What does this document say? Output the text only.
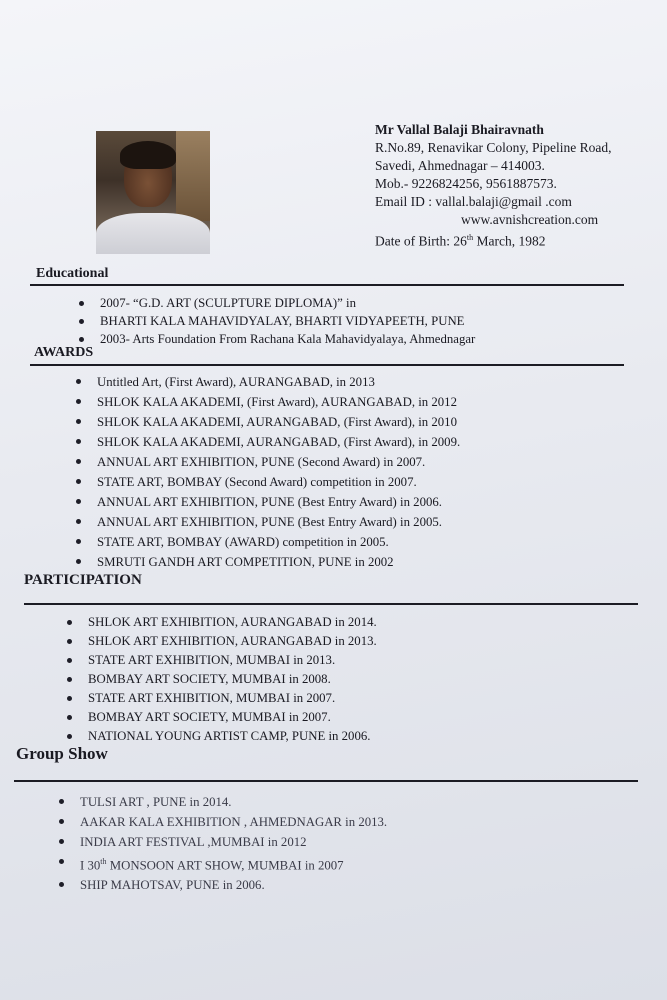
Mr Vallal Balaji Bhairavnath
R.No.89, Renavikar Colony, Pipeline Road,
Savedi, Ahmednagar – 414003.
Mob.- 9226824256, 9561887573.
Email ID : vallal.balaji@gmail .com
www.avnishcreation.com
Date of Birth: 26th March, 1982
Educational
2007- “G.D. ART (SCULPTURE DIPLOMA)” in
BHARTI KALA MAHAVIDYALAY, BHARTI VIDYAPEETH, PUNE
2003- Arts Foundation From Rachana Kala Mahavidyalaya, Ahmednagar
AWARDS
Untitled Art, (First Award), AURANGABAD, in 2013
SHLOK KALA AKADEMI, (First Award), AURANGABAD, in 2012
SHLOK KALA AKADEMI, AURANGABAD, (First Award), in 2010
SHLOK KALA AKADEMI, AURANGABAD, (First Award), in 2009.
ANNUAL ART EXHIBITION, PUNE (Second Award) in 2007.
STATE ART, BOMBAY (Second Award) competition in 2007.
ANNUAL ART EXHIBITION, PUNE (Best Entry Award) in 2006.
ANNUAL ART EXHIBITION, PUNE (Best Entry Award) in 2005.
STATE ART, BOMBAY (AWARD) competition in 2005.
SMRUTI GANDH ART COMPETITION, PUNE in 2002
PARTICIPATION
SHLOK ART EXHIBITION, AURANGABAD in 2014.
SHLOK ART EXHIBITION, AURANGABAD in 2013.
STATE ART EXHIBITION, MUMBAI in 2013.
BOMBAY ART SOCIETY, MUMBAI in 2008.
STATE ART EXHIBITION, MUMBAI in 2007.
BOMBAY ART SOCIETY, MUMBAI in 2007.
NATIONAL YOUNG ARTIST CAMP, PUNE in 2006.
Group Show
TULSI ART , PUNE in 2014.
AAKAR KALA EXHIBITION , AHMEDNAGAR in 2013.
INDIA ART FESTIVAL ,MUMBAI in 2012
I 30th MONSOON ART SHOW, MUMBAI in 2007
SHIP MAHOTSAV, PUNE in 2006.
